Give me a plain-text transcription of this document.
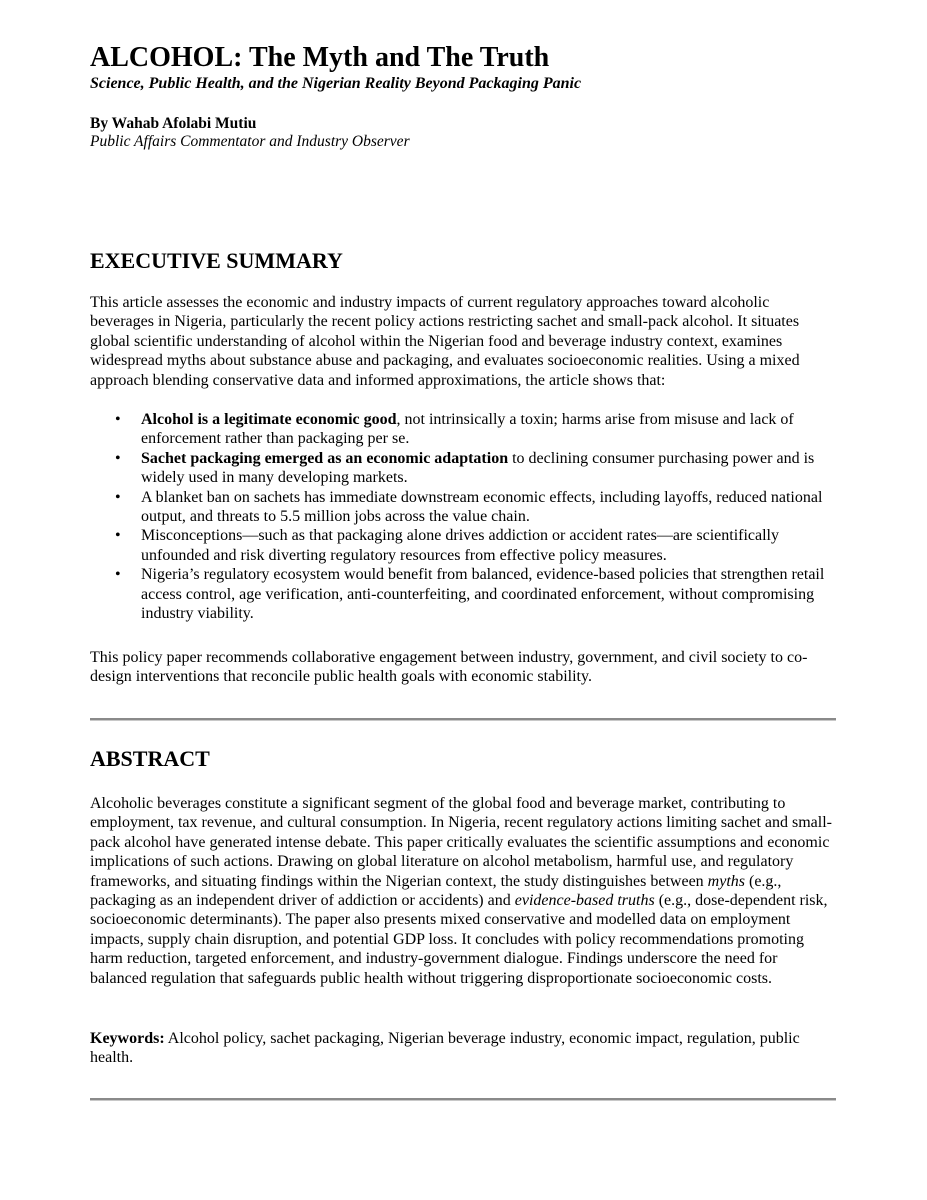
ALCOHOL: The Myth and The Truth

Science, Public Health, and the Nigerian Reality Beyond Packaging Panic

By Wahab Afolabi Mutiu
Public Affairs Commentator and Industry Observer
EXECUTIVE SUMMARY

This article assesses the economic and industry impacts of current regulatory approaches toward alcoholic beverages in Nigeria, particularly the recent policy actions restricting sachet and small-pack alcohol. It situates global scientific understanding of alcohol within the Nigerian food and beverage industry context, examines widespread myths about substance abuse and packaging, and evaluates socioeconomic realities. Using a mixed approach blending conservative data and informed approximations, the article shows that:

• Alcohol is a legitimate economic good, not intrinsically a toxin; harms arise from misuse and lack of enforcement rather than packaging per se.
• Sachet packaging emerged as an economic adaptation to declining consumer purchasing power and is widely used in many developing markets.
• A blanket ban on sachets has immediate downstream economic effects, including layoffs, reduced national output, and threats to 5.5 million jobs across the value chain.
• Misconceptions—such as that packaging alone drives addiction or accident rates—are scientifically unfounded and risk diverting regulatory resources from effective policy measures.
• Nigeria’s regulatory ecosystem would benefit from balanced, evidence-based policies that strengthen retail access control, age verification, anti-counterfeiting, and coordinated enforcement, without compromising industry viability.

This policy paper recommends collaborative engagement between industry, government, and civil society to co-design interventions that reconcile public health goals with economic stability.

ABSTRACT

Alcoholic beverages constitute a significant segment of the global food and beverage market, contributing to employment, tax revenue, and cultural consumption. In Nigeria, recent regulatory actions limiting sachet and small-pack alcohol have generated intense debate. This paper critically evaluates the scientific assumptions and economic implications of such actions. Drawing on global literature on alcohol metabolism, harmful use, and regulatory frameworks, and situating findings within the Nigerian context, the study distinguishes between myths (e.g., packaging as an independent driver of addiction or accidents) and evidence-based truths (e.g., dose-dependent risk, socioeconomic determinants). The paper also presents mixed conservative and modelled data on employment impacts, supply chain disruption, and potential GDP loss. It concludes with policy recommendations promoting harm reduction, targeted enforcement, and industry-government dialogue. Findings underscore the need for balanced regulation that safeguards public health without triggering disproportionate socioeconomic costs.

Keywords: Alcohol policy, sachet packaging, Nigerian beverage industry, economic impact, regulation, public health.
